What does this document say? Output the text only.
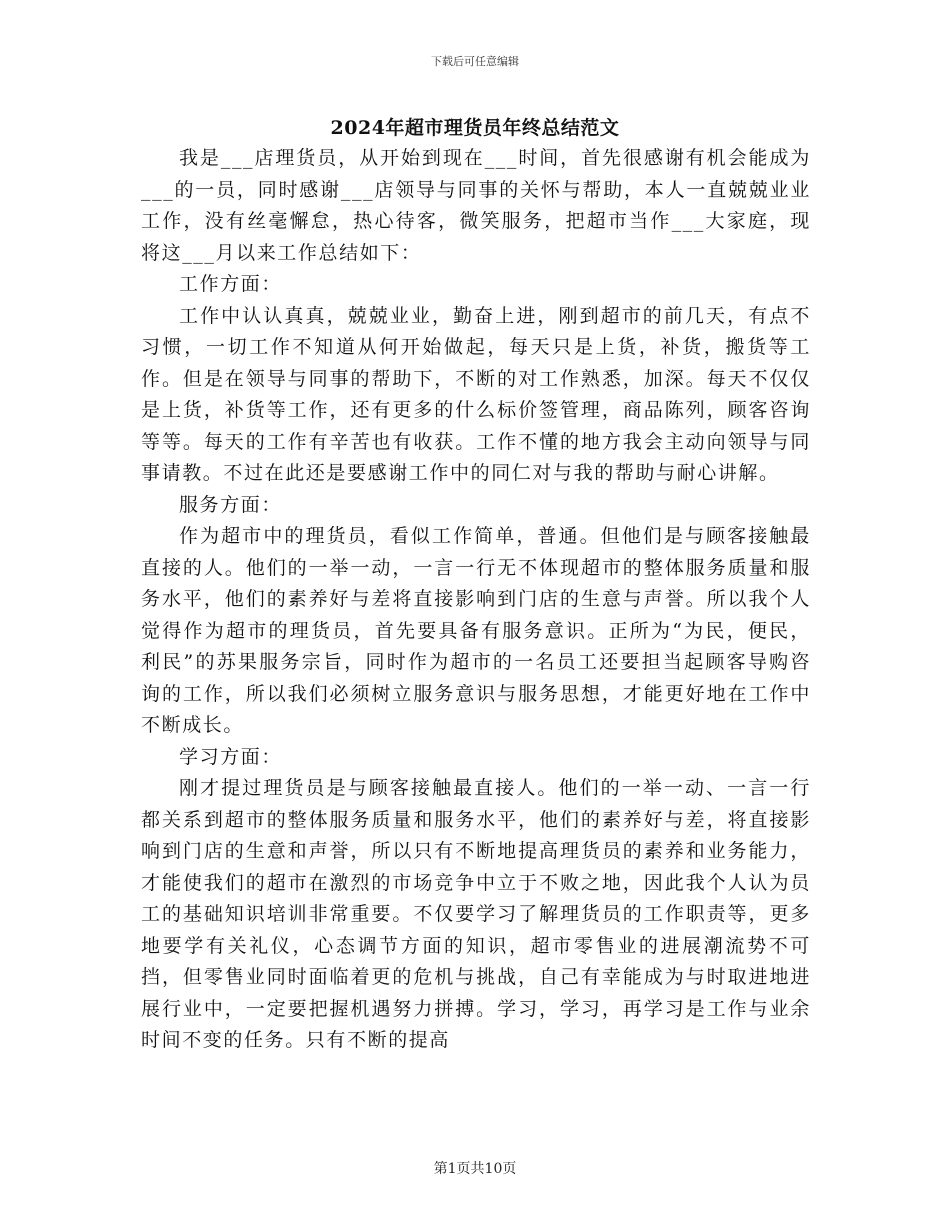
下载后可任意编辑
2024年超市理货员年终总结范文

我是___店理货员，从开始到现在___时间，首先很感谢有机会能成为___的一员，同时感谢___店领导与同事的关怀与帮助，本人一直兢兢业业工作，没有丝毫懈怠，热心待客，微笑服务，把超市当作___大家庭，现将这___月以来工作总结如下：

工作方面：

工作中认认真真，兢兢业业，勤奋上进，刚到超市的前几天，有点不习惯，一切工作不知道从何开始做起，每天只是上货，补货，搬货等工作。但是在领导与同事的帮助下，不断的对工作熟悉，加深。每天不仅仅是上货，补货等工作，还有更多的什么标价签管理，商品陈列，顾客咨询等等。每天的工作有辛苦也有收获。工作不懂的地方我会主动向领导与同事请教。不过在此还是要感谢工作中的同仁对与我的帮助与耐心讲解。

服务方面：

作为超市中的理货员，看似工作简单，普通。但他们是与顾客接触最直接的人。他们的一举一动，一言一行无不体现超市的整体服务质量和服务水平，他们的素养好与差将直接影响到门店的生意与声誉。所以我个人觉得作为超市的理货员，首先要具备有服务意识。正所为“为民，便民，利民”的苏果服务宗旨，同时作为超市的一名员工还要担当起顾客导购咨询的工作，所以我们必须树立服务意识与服务思想，才能更好地在工作中不断成长。

学习方面：

刚才提过理货员是与顾客接触最直接人。他们的一举一动、一言一行都关系到超市的整体服务质量和服务水平，他们的素养好与差，将直接影响到门店的生意和声誉，所以只有不断地提高理货员的素养和业务能力，才能使我们的超市在激烈的市场竞争中立于不败之地，因此我个人认为员工的基础知识培训非常重要。不仅要学习了解理货员的工作职责等，更多地要学有关礼仪，心态调节方面的知识，超市零售业的进展潮流势不可挡，但零售业同时面临着更的危机与挑战，自己有幸能成为与时取进地进展行业中，一定要把握机遇努力拼搏。学习，学习，再学习是工作与业余时间不变的任务。只有不断的提高

第1页共10页
